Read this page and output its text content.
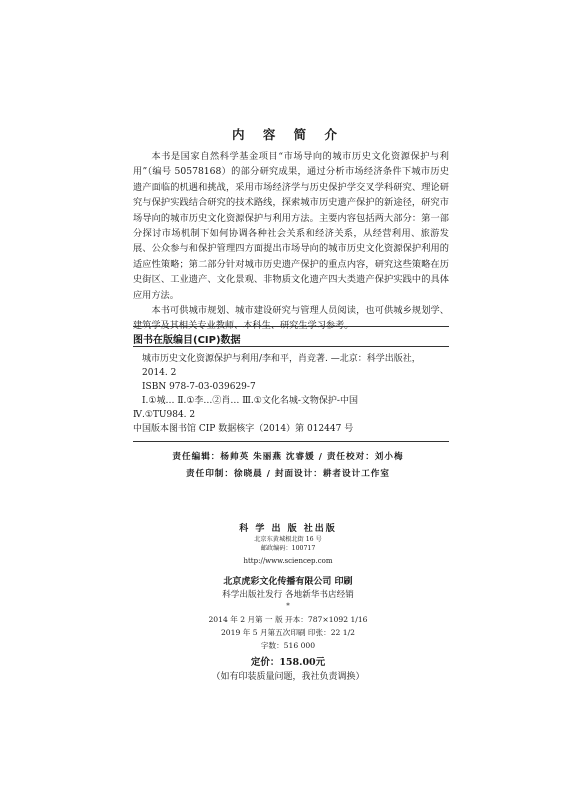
内 容 简 介

本书是国家自然科学基金项目“市场导向的城市历史文化资源保护与利用”（编号 50578168）的部分研究成果，通过分析市场经济条件下城市历史遗产面临的机遇和挑战，采用市场经济学与历史保护学交叉学科研究、理论研究与保护实践结合研究的技术路线，探索城市历史遗产保护的新途径，研究市场导向的城市历史文化资源保护与利用方法。主要内容包括两大部分：第一部分探讨市场机制下如何协调各种社会关系和经济关系，从经营利用、旅游发展、公众参与和保护管理四方面提出市场导向的城市历史文化资源保护利用的适应性策略；第二部分针对城市历史遗产保护的重点内容，研究这些策略在历史街区、工业遗产、文化景观、非物质文化遗产四大类遗产保护实践中的具体应用方法。

本书可供城市规划、城市建设研究与管理人员阅读，也可供城乡规划学、建筑学及其相关专业教师、本科生、研究生学习参考。

图书在版编目(CIP)数据
城市历史文化资源保护与利用/李和平，肖竞著. —北京：科学出版社，
2014. 2
ISBN 978-7-03-039629-7
Ⅰ.①城… Ⅱ.①李…②肖… Ⅲ.①文化名城-文物保护-中国
Ⅳ.①TU984. 2
中国版本图书馆 CIP 数据核字（2014）第 012447 号
责任编辑：杨帅英 朱丽燕 沈睿媛 / 责任校对：刘小梅
责任印制：徐晓晨 / 封面设计：耕者设计工作室
科 学 出 版 社出版
北京东黄城根北街 16 号
邮政编码：100717
http://www.sciencep.com
北京虎彩文化传播有限公司 印刷
科学出版社发行 各地新华书店经销
*
2014 年 2 月第 一 版 开本：787×1092 1/16
2019 年 5 月第五次印刷 印张：22 1/2
字数：516 000
定价：158.00元
（如有印装质量问题，我社负责调换）
